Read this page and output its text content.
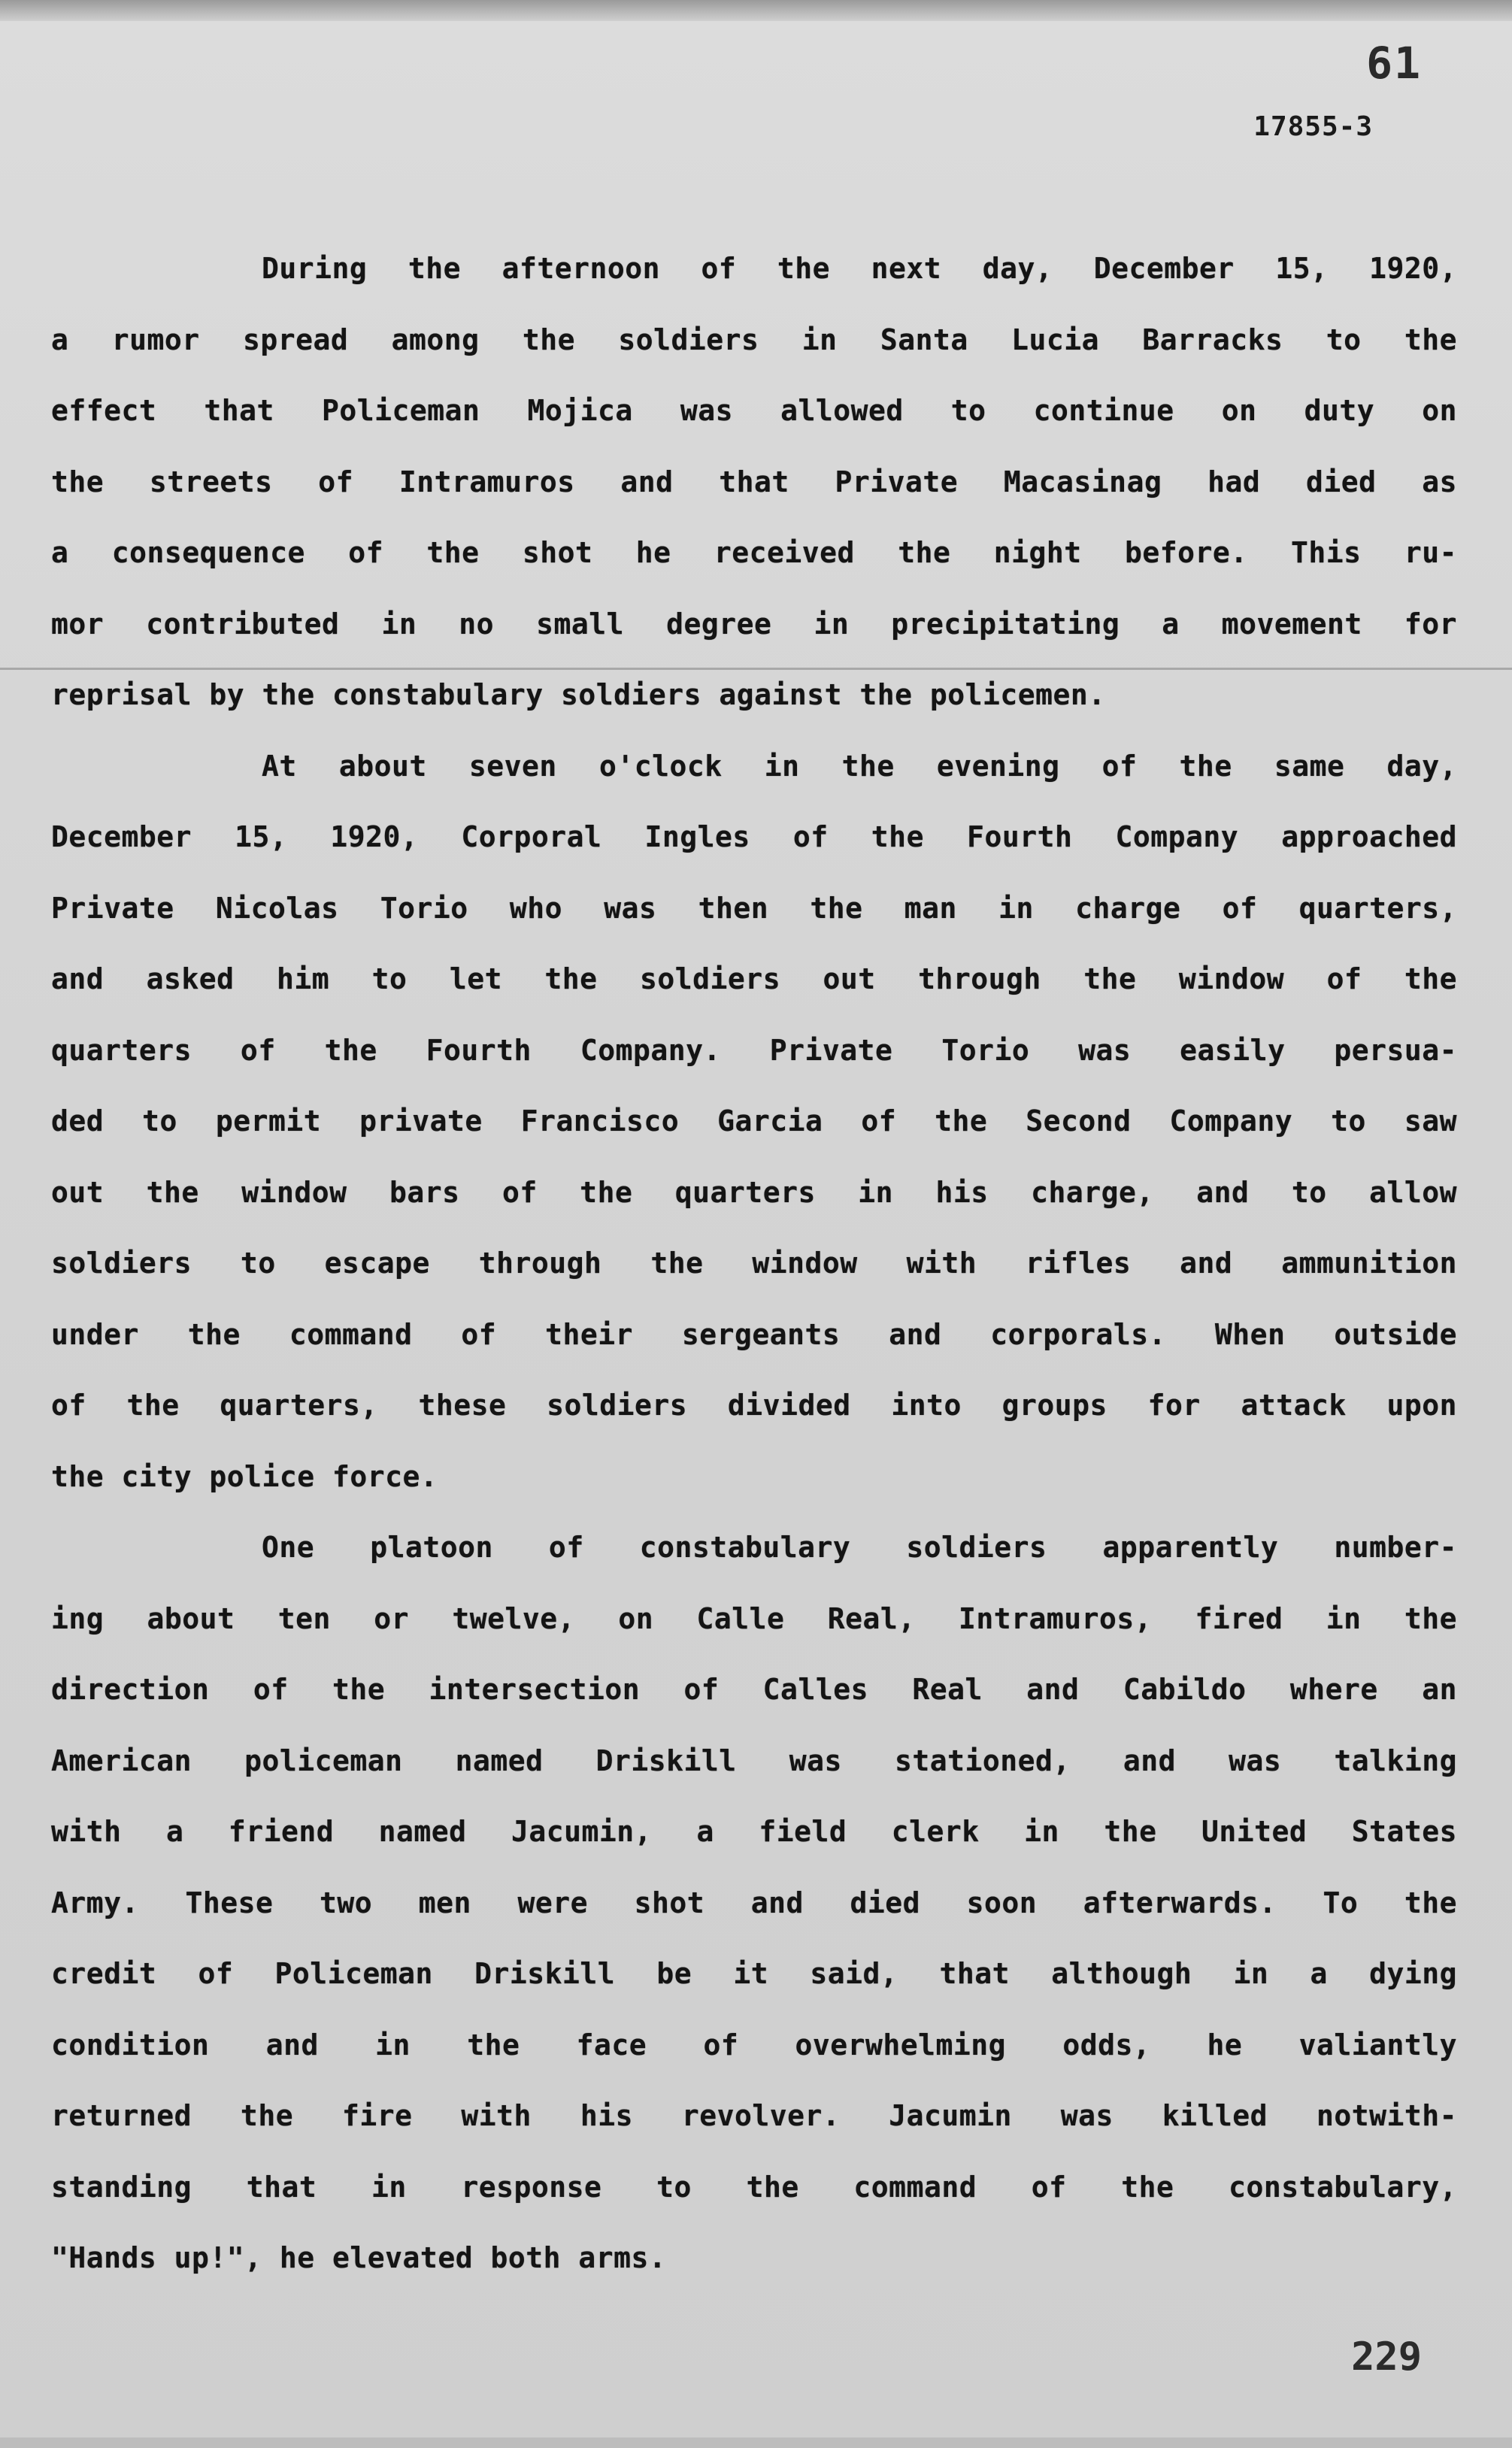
61
17855-3
During the afternoon of the next day, December 15, 1920,
a rumor spread among the soldiers in Santa Lucia Barracks to the
effect that Policeman Mojica was allowed to continue on duty on
the streets of Intramuros and that Private Macasinag had died as
a consequence of the shot he received the night before. This ru-
mor contributed in no small degree in precipitating a movement for
reprisal by the constabulary soldiers against the policemen.
At about seven o'clock in the evening of the same day,
December 15, 1920, Corporal Ingles of the Fourth Company approached
Private Nicolas Torio who was then the man in charge of quarters,
and asked him to let the soldiers out through the window of the
quarters of the Fourth Company. Private Torio was easily persua-
ded to permit private Francisco Garcia of the Second Company to saw
out the window bars of the quarters in his charge, and to allow
soldiers to escape through the window with rifles and ammunition
under the command of their sergeants and corporals. When outside
of the quarters, these soldiers divided into groups for attack upon
the city police force.
One platoon of constabulary soldiers apparently number-
ing about ten or twelve, on Calle Real, Intramuros, fired in the
direction of the intersection of Calles Real and Cabildo where an
American policeman named Driskill was stationed, and was talking
with a friend named Jacumin, a field clerk in the United States
Army. These two men were shot and died soon afterwards. To the
credit of Policeman Driskill be it said, that although in a dying
condition and in the face of overwhelming odds, he valiantly
returned the fire with his revolver. Jacumin was killed notwith-
standing that in response to the command of the constabulary,
"Hands up!", he elevated both arms.
229
